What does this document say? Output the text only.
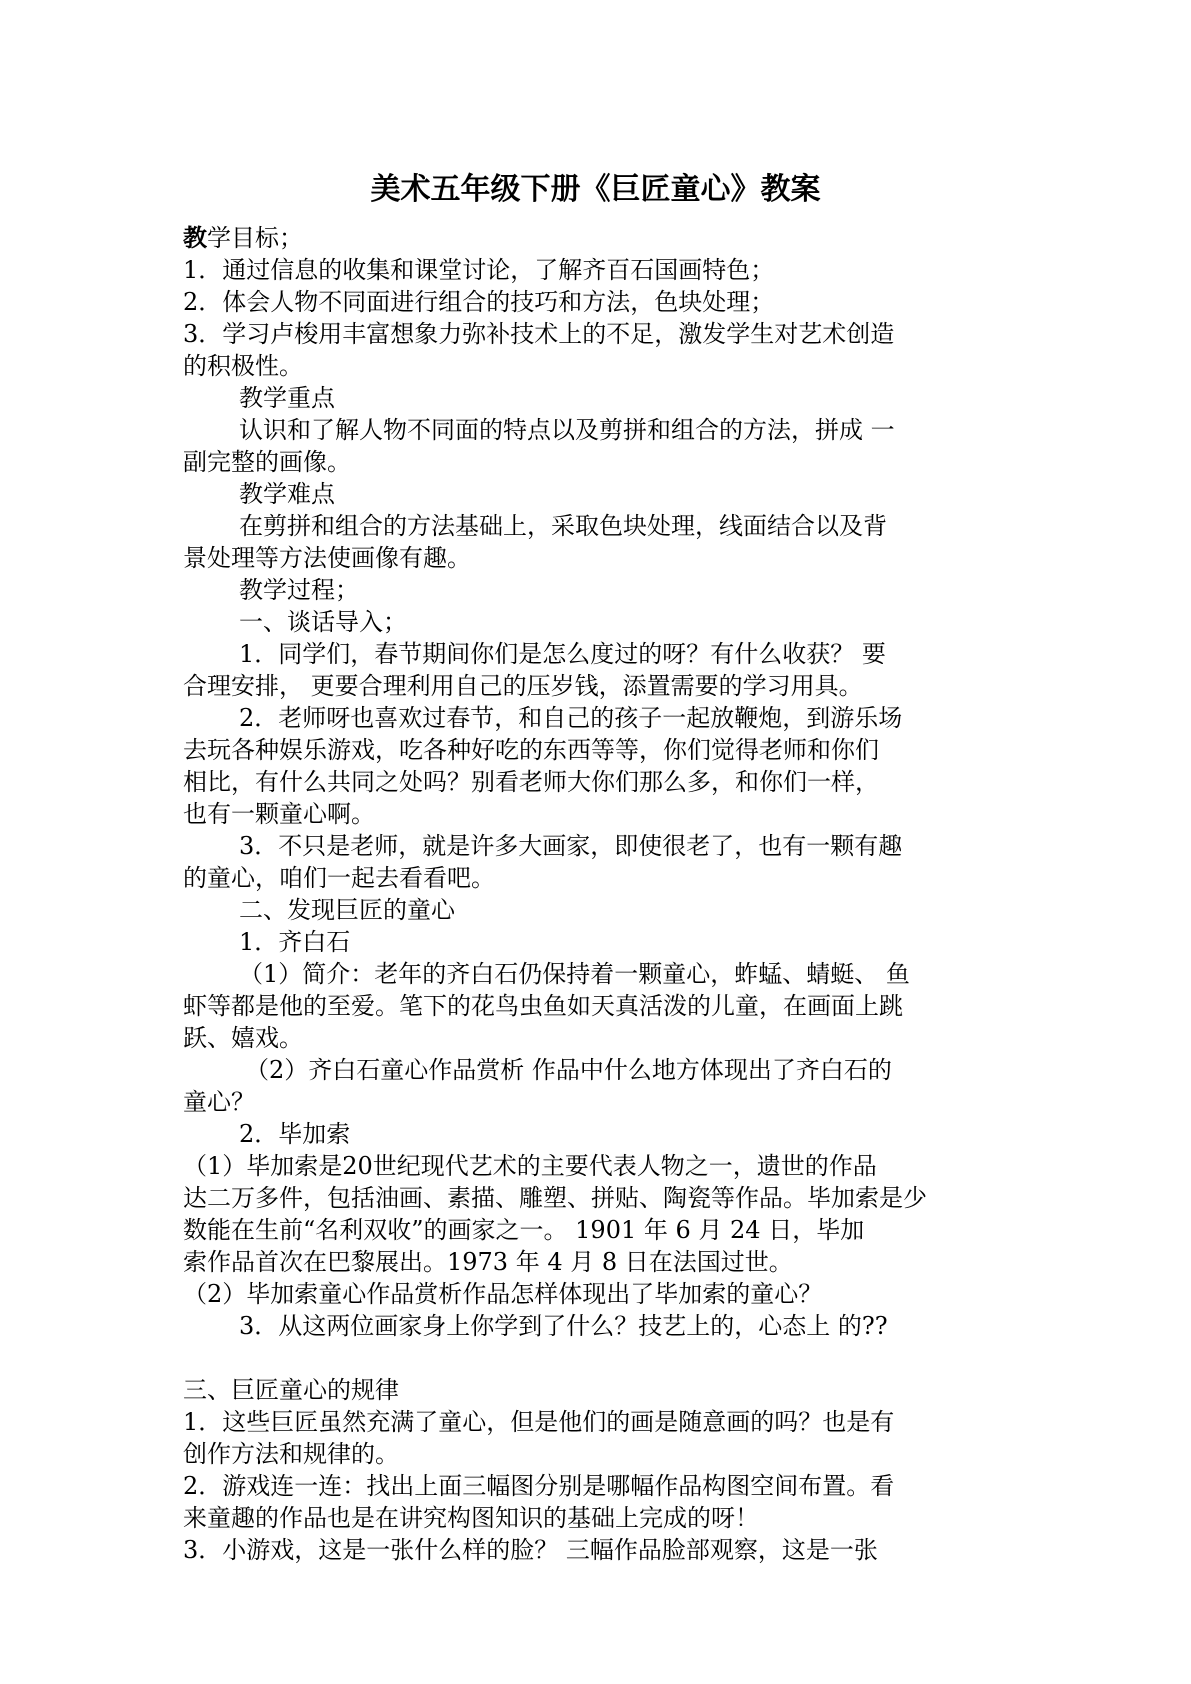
美术五年级下册《巨匠童心》教案
教学目标；
1．通过信息的收集和课堂讨论，了解齐百石国画特色；
2．体会人物不同面进行组合的技巧和方法，色块处理；
3．学习卢梭用丰富想象力弥补技术上的不足，激发学生对艺术创造
的积极性。
教学重点
认识和了解人物不同面的特点以及剪拼和组合的方法，拼成 一
副完整的画像。
教学难点
在剪拼和组合的方法基础上，采取色块处理，线面结合以及背
景处理等方法使画像有趣。
教学过程；
一、谈话导入；
1．同学们，春节期间你们是怎么度过的呀？有什么收获？ 要
合理安排， 更要合理利用自己的压岁钱，添置需要的学习用具。
2．老师呀也喜欢过春节，和自己的孩子一起放鞭炮，到游乐场
去玩各种娱乐游戏，吃各种好吃的东西等等，你们觉得老师和你们
相比，有什么共同之处吗？别看老师大你们那么多，和你们一样，
也有一颗童心啊。
3．不只是老师，就是许多大画家，即使很老了，也有一颗有趣
的童心，咱们一起去看看吧。
二、发现巨匠的童心
1．齐白石
（1）简介：老年的齐白石仍保持着一颗童心，蚱蜢、蜻蜓、 鱼
虾等都是他的至爱。笔下的花鸟虫鱼如天真活泼的儿童，在画面上跳
跃、嬉戏。
（2）齐白石童心作品赏析 作品中什么地方体现出了齐白石的
童心？
2．毕加索
（1）毕加索是20世纪现代艺术的主要代表人物之一，遗世的作品
达二万多件，包括油画、素描、雕塑、拼贴、陶瓷等作品。毕加索是少
数能在生前“名利双收”的画家之一。 1901 年 6 月 24 日，毕加
索作品首次在巴黎展出。1973 年 4 月 8 日在法国过世。
（2）毕加索童心作品赏析作品怎样体现出了毕加索的童心？
3．从这两位画家身上你学到了什么？技艺上的，心态上 的??
三、巨匠童心的规律
1．这些巨匠虽然充满了童心，但是他们的画是随意画的吗？也是有
创作方法和规律的。
2．游戏连一连：找出上面三幅图分别是哪幅作品构图空间布置。看
来童趣的作品也是在讲究构图知识的基础上完成的呀！
3．小游戏，这是一张什么样的脸？ 三幅作品脸部观察，这是一张
